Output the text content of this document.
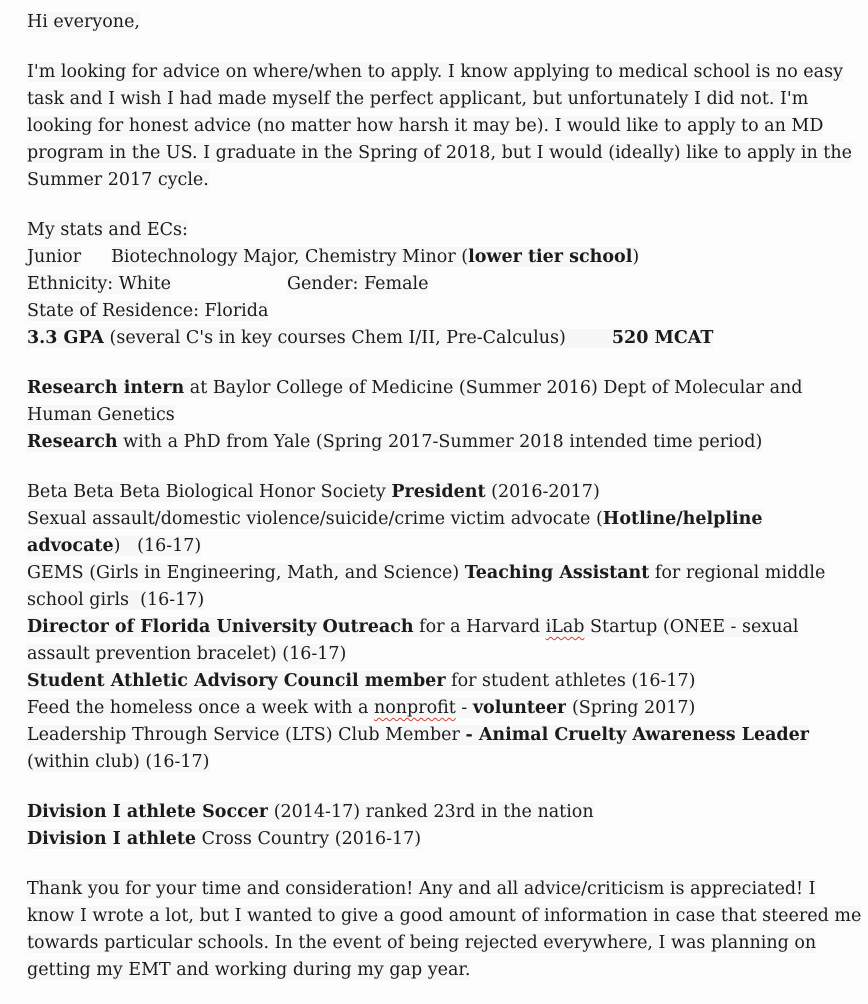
Hi everyone,
I'm looking for advice on where/when to apply. I know applying to medical school is no easy task and I wish I had made myself the perfect applicant, but unfortunately I did not. I'm looking for honest advice (no matter how harsh it may be). I would like to apply to an MD program in the US. I graduate in the Spring of 2018, but I would (ideally) like to apply in the Summer 2017 cycle.
My stats and ECs:
Junior Biotechnology Major, Chemistry Minor (lower tier school)
Ethnicity: White	Gender: Female
State of Residence: Florida
3.3 GPA (several C's in key courses Chem I/II, Pre-Calculus)	520 MCAT
Research intern at Baylor College of Medicine (Summer 2016) Dept of Molecular and Human Genetics
Research with a PhD from Yale (Spring 2017-Summer 2018 intended time period)
Beta Beta Beta Biological Honor Society President (2016-2017)
Sexual assault/domestic violence/suicide/crime victim advocate (Hotline/helpline advocate)   (16-17)
GEMS (Girls in Engineering, Math, and Science) Teaching Assistant for regional middle school girls  (16-17)
Director of Florida University Outreach for a Harvard iLab Startup (ONEE - sexual assault prevention bracelet) (16-17)
Student Athletic Advisory Council member for student athletes (16-17)
Feed the homeless once a week with a nonprofit - volunteer (Spring 2017)
Leadership Through Service (LTS) Club Member - Animal Cruelty Awareness Leader (within club) (16-17)
Division I athlete Soccer (2014-17) ranked 23rd in the nation
Division I athlete Cross Country (2016-17)
Thank you for your time and consideration! Any and all advice/criticism is appreciated! I know I wrote a lot, but I wanted to give a good amount of information in case that steered me towards particular schools. In the event of being rejected everywhere, I was planning on getting my EMT and working during my gap year.
